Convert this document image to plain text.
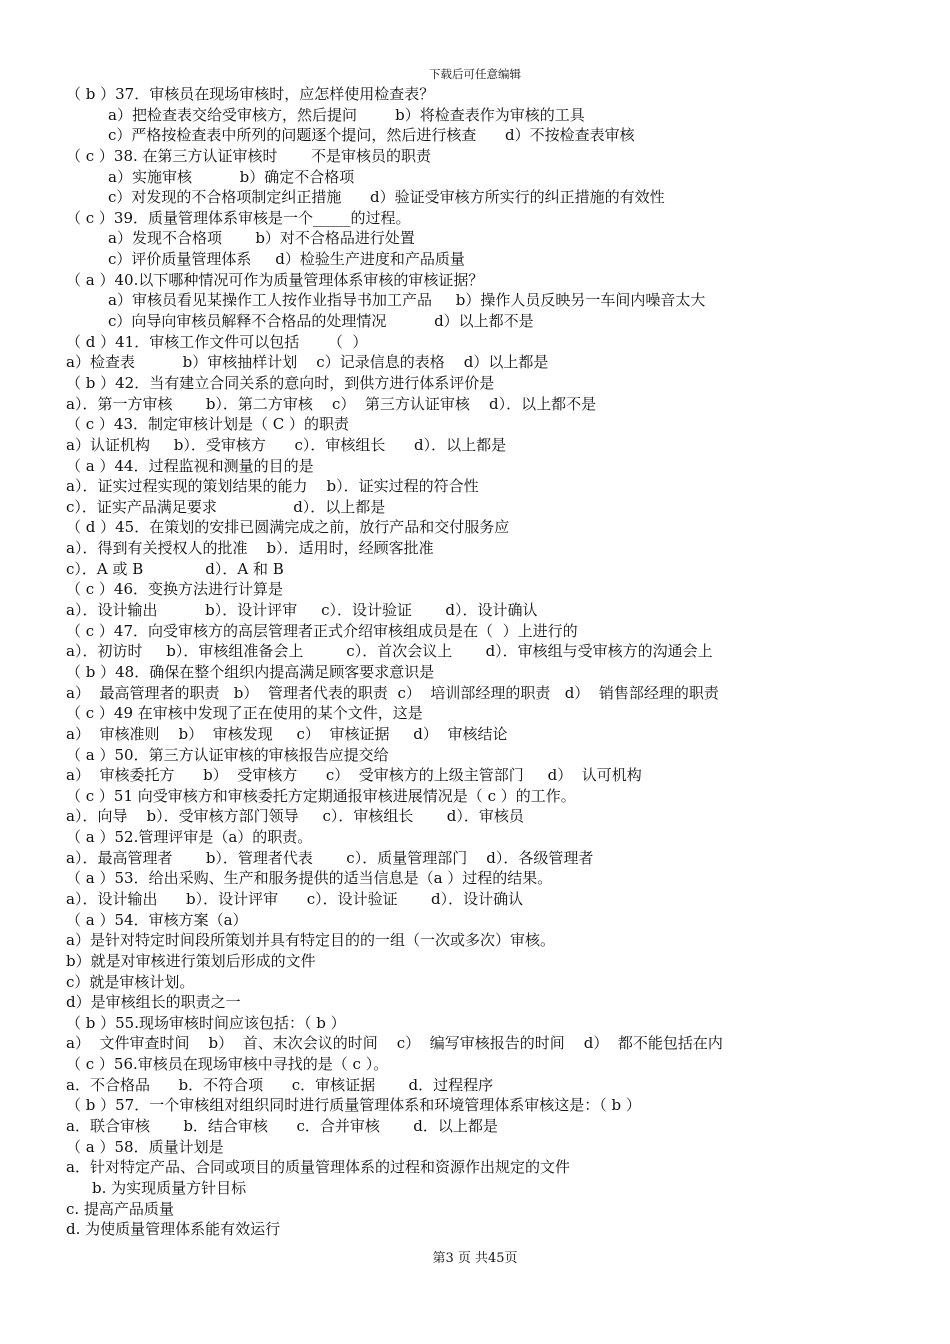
下载后可任意编辑
（ b ）37．审核员在现场审核时，应怎样使用检查表？
a）把检查表交给受审核方，然后提问        b）将检查表作为审核的工具
c）严格按检查表中所列的问题逐个提问，然后进行核查      d）不按检查表审核
（ c ）38. 在第三方认证审核时       不是审核员的职责
a）实施审核          b）确定不合格项
c）对发现的不合格项制定纠正措施      d）验证受审核方所实行的纠正措施的有效性
（ c ）39．质量管理体系审核是一个_____的过程。
a）发现不合格项       b）对不合格品进行处置
c）评价质量管理体系     d）检验生产进度和产品质量
（ a ）40.以下哪种情况可作为质量管理体系审核的审核证据？
a）审核员看见某操作工人按作业指导书加工产品     b）操作人员反映另一车间内噪音太大
c）向导向审核员解释不合格品的处理情况          d）以上都不是
（ d ）41．审核工作文件可以包括      （  ）
a）检查表          b）审核抽样计划    c）记录信息的表格    d）以上都是
（ b ）42．当有建立合同关系的意向时，到供方进行体系评价是
a）．第一方审核       b）．第二方审核    c）  第三方认证审核    d）．以上都不是
（ c ）43．制定审核计划是（ C ）的职责
a）认证机构     b）．受审核方      c）．审核组长      d）．以上都是
（ a ）44．过程监视和测量的目的是
a）．证实过程实现的策划结果的能力    b）．证实过程的符合性
c）．证实产品满足要求                d）．以上都是
（ d ）45．在策划的安排已圆满完成之前，放行产品和交付服务应
a）．得到有关授权人的批准    b）．适用时，经顾客批准
c）．A 或 B             d）．A 和 B
（ c ）46．变换方法进行计算是
a）．设计输出          b）．设计评审     c）．设计验证       d）．设计确认
（ c ）47．向受审核方的高层管理者正式介绍审核组成员是在（  ）上进行的
a）．初访时     b）．审核组准备会上         c）．首次会议上       d）．审核组与受审核方的沟通会上
（ b ）48．确保在整个组织内提高满足顾客要求意识是
a）  最高管理者的职责   b）  管理者代表的职责  c）  培训部经理的职责   d）  销售部经理的职责
（ c ）49 在审核中发现了正在使用的某个文件，这是
a）  审核准则    b）  审核发现     c）  审核证据     d）  审核结论
（ a ）50．第三方认证审核的审核报告应提交给
a）  审核委托方      b）  受审核方      c）  受审核方的上级主管部门     d）  认可机构
（ c ）51 向受审核方和审核委托方定期通报审核进展情况是（ c ）的工作。
a）．向导    b）．受审核方部门领导     c）．审核组长       d）．审核员
（ a ）52.管理评审是（a）的职责。
a）．最高管理者       b）．管理者代表       c）．质量管理部门    d）．各级管理者
（ a ）53．给出采购、生产和服务提供的适当信息是（a ）过程的结果。
a）．设计输出      b）．设计评审      c）．设计验证       d）．设计确认
（ a ）54．审核方案（a）
a）是针对特定时间段所策划并具有特定目的的一组（一次或多次）审核。
b）就是对审核进行策划后形成的文件
c）就是审核计划。
d）是审核组长的职责之一
（ b ）55.现场审核时间应该包括：（ b ）
a）  文件审查时间    b）  首、末次会议的时间    c）  编写审核报告的时间    d）  都不能包括在内
（ c ）56.审核员在现场审核中寻找的是（ c ）。
a．不合格品      b．不符合项      c．审核证据       d．过程程序
（ b ）57．一个审核组对组织同时进行质量管理体系和环境管理体系审核这是：（ b ）
a．联合审核       b．结合审核      c．合并审核       d．以上都是
（ a ）58．质量计划是
a．针对特定产品、合同或项目的质量管理体系的过程和资源作出规定的文件
b. 为实现质量方针目标
c. 提高产品质量
d. 为使质量管理体系能有效运行
第3 页 共45页
